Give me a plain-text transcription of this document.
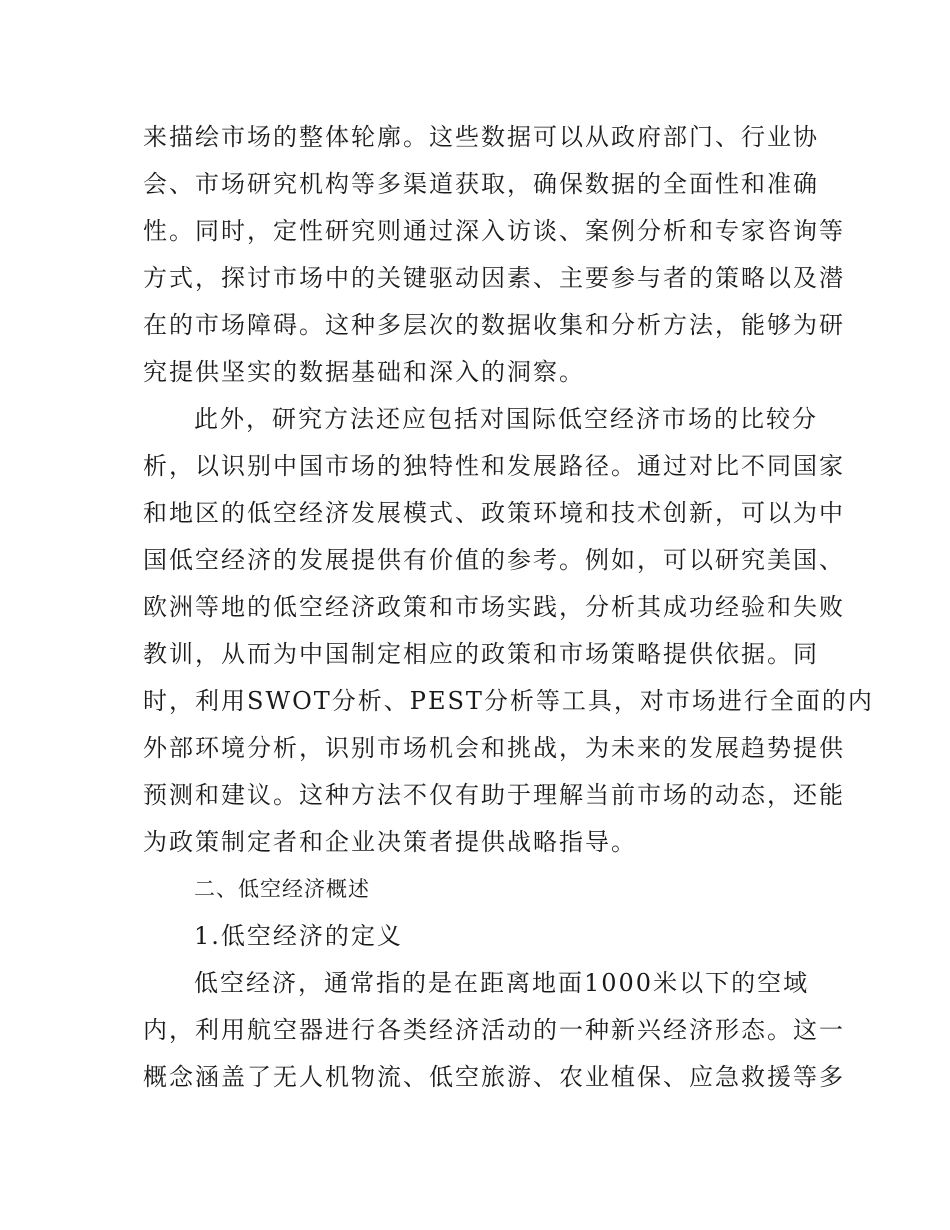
来描绘市场的整体轮廓。这些数据可以从政府部门、行业协
会、市场研究机构等多渠道获取，确保数据的全面性和准确
性。同时，定性研究则通过深入访谈、案例分析和专家咨询等
方式，探讨市场中的关键驱动因素、主要参与者的策略以及潜
在的市场障碍。这种多层次的数据收集和分析方法，能够为研
究提供坚实的数据基础和深入的洞察。
此外，研究方法还应包括对国际低空经济市场的比较分
析，以识别中国市场的独特性和发展路径。通过对比不同国家
和地区的低空经济发展模式、政策环境和技术创新，可以为中
国低空经济的发展提供有价值的参考。例如，可以研究美国、
欧洲等地的低空经济政策和市场实践，分析其成功经验和失败
教训，从而为中国制定相应的政策和市场策略提供依据。同
时，利用SWOT分析、PEST分析等工具，对市场进行全面的内
外部环境分析，识别市场机会和挑战，为未来的发展趋势提供
预测和建议。这种方法不仅有助于理解当前市场的动态，还能
为政策制定者和企业决策者提供战略指导。
二、低空经济概述
1.低空经济的定义
低空经济，通常指的是在距离地面1000米以下的空域
内，利用航空器进行各类经济活动的一种新兴经济形态。这一
概念涵盖了无人机物流、低空旅游、农业植保、应急救援等多
